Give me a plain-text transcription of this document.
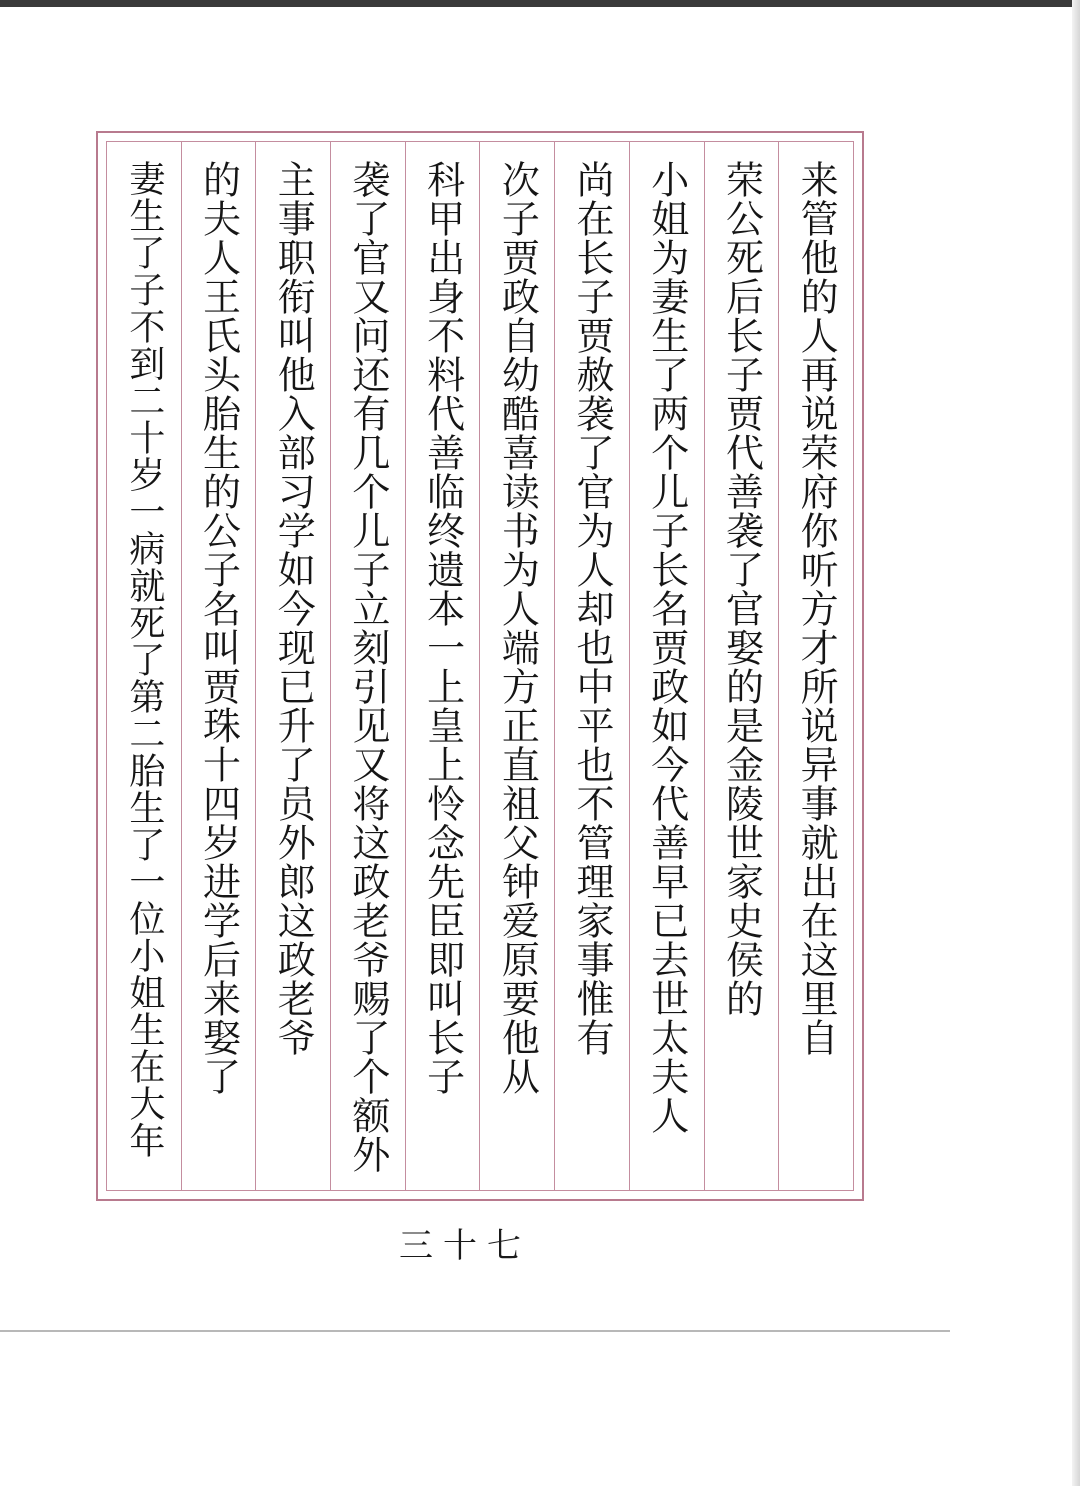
来管他的人再说荣府你听方才所说异事就出在这里自
荣公死后长子贾代善袭了官娶的是金陵世家史侯的
小姐为妻生了两个儿子长名贾政如今代善早已去世太夫人
尚在长子贾赦袭了官为人却也中平也不管理家事惟有
次子贾政自幼酷喜读书为人端方正直祖父钟爱原要他从
科甲出身不料代善临终遗本一上皇上怜念先臣即叫长子
袭了官又问还有几个儿子立刻引见又将这政老爷赐了个额外
主事职衔叫他入部习学如今现已升了员外郎这政老爷
的夫人王氏头胎生的公子名叫贾珠十四岁进学后来娶了
妻生了子不到二十岁一病就死了第二胎生了一位小姐生在大年
三十七
